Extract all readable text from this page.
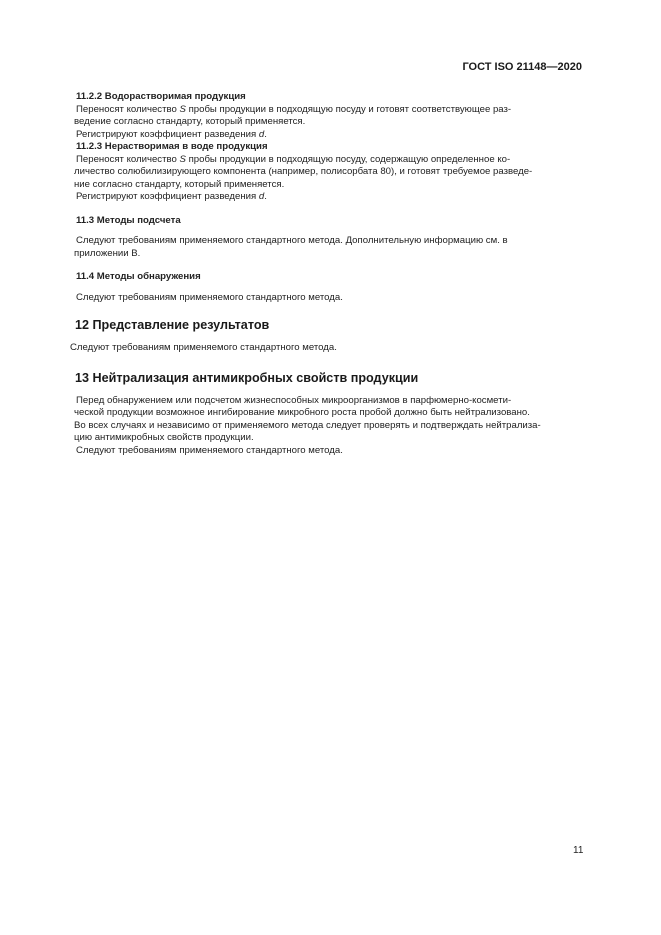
ГОСТ ISO 21148—2020

11.2.2 Водорастворимая продукция

Переносят количество S пробы продукции в подходящую посуду и готовят соответствующее раз-

ведение согласно стандарту, который применяется.

Регистрируют коэффициент разведения d.

11.2.3 Нерастворимая в воде продукция

Переносят количество S пробы продукции в подходящую посуду, содержащую определенное ко-

личество солюбилизирующего компонента (например, полисорбата 80), и готовят требуемое разведе-

ние согласно стандарту, который применяется.

Регистрируют коэффициент разведения d.

11.3 Методы подсчета

Следуют требованиям применяемого стандартного метода. Дополнительную информацию см. в

приложении В.

11.4 Методы обнаружения

Следуют требованиям применяемого стандартного метода.

12 Представление результатов

Следуют требованиям применяемого стандартного метода.

13 Нейтрализация антимикробных свойств продукции

Перед обнаружением или подсчетом жизнеспособных микроорганизмов в парфюмерно-космети-

ческой продукции возможное ингибирование микробного роста пробой должно быть нейтрализовано.

Во всех случаях и независимо от применяемого метода следует проверять и подтверждать нейтрализа-

цию антимикробных свойств продукции.

Следуют требованиям применяемого стандартного метода.

11
